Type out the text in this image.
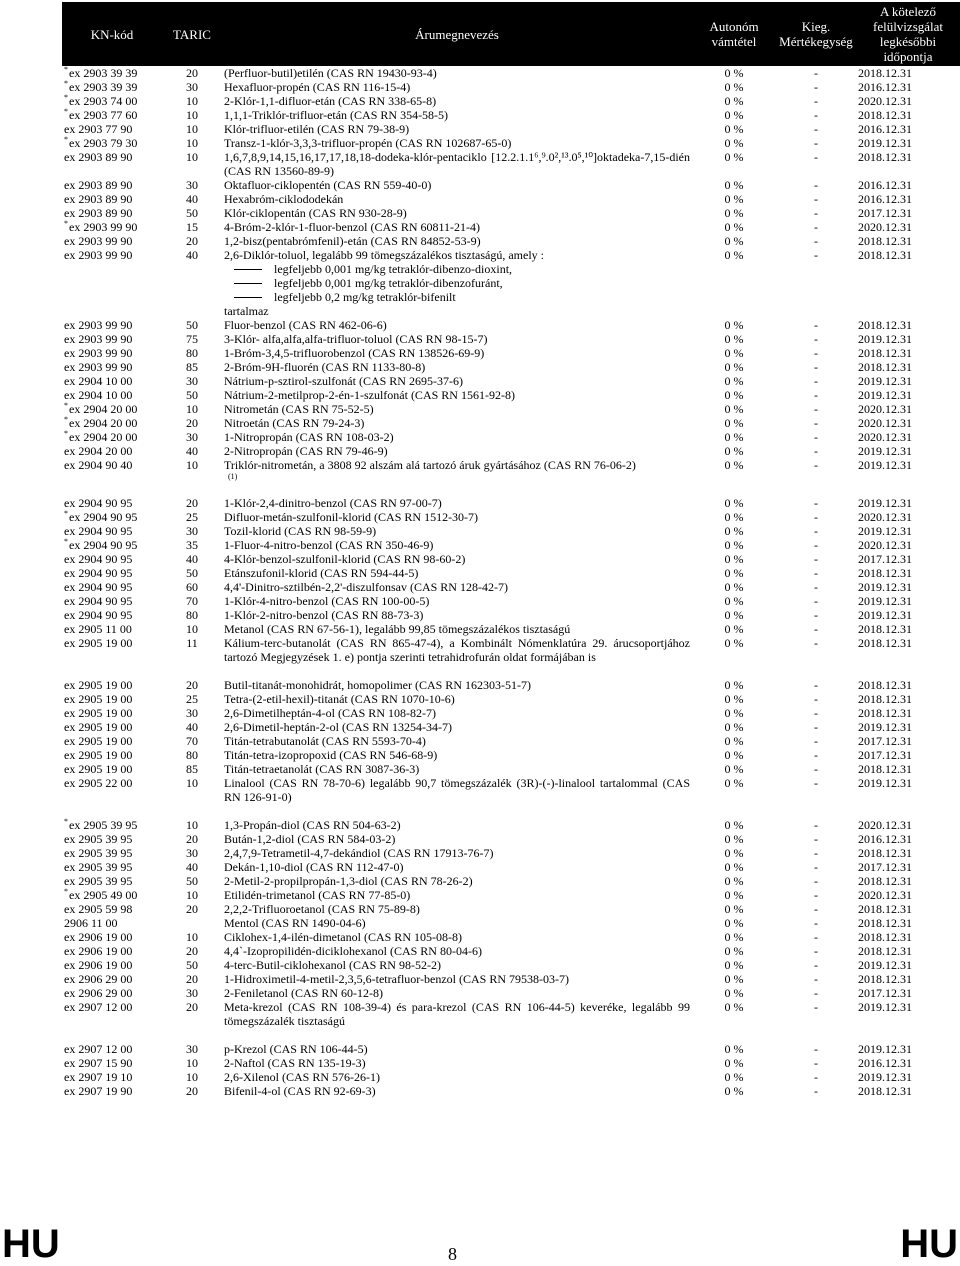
KN-kód	TARIC	Árumegnevezés	Autonóm vámtétel	Kieg. Mértékegység	A kötelező felülvizsgálat legkésőbbi időpontja
*ex 2903 39 39	20	(Perfluor-butil)etilén (CAS RN 19430-93-4)	0 %	-	2018.12.31
*ex 2903 39 39	30	Hexafluor-propén (CAS RN 116-15-4)	0 %	-	2016.12.31
*ex 2903 74 00	10	2-Klór-1,1-difluor-etán (CAS RN 338-65-8)	0 %	-	2020.12.31
*ex 2903 77 60	10	1,1,1-Triklór-trifluor-etán (CAS RN 354-58-5)	0 %	-	2018.12.31
ex 2903 77 90	10	Klór-trifluor-etilén (CAS RN 79-38-9)	0 %	-	2016.12.31
*ex 2903 79 30	10	Transz-1-klór-3,3,3-trifluor-propén (CAS RN 102687-65-0)	0 %	-	2019.12.31
ex 2903 89 90	10	1,6,7,8,9,14,15,16,17,17,18,18-dodeka-klór-pentaciklo [12.2.1.1⁶,⁹.0²,¹³.0⁵,¹⁰]oktadeka-7,15-dién (CAS RN 13560-89-9)	0 %	-	2018.12.31
ex 2903 89 90	30	Oktafluor-ciklopentén (CAS RN 559-40-0)	0 %	-	2016.12.31
ex 2903 89 90	40	Hexabróm-ciklododekán	0 %	-	2016.12.31
ex 2903 89 90	50	Klór-ciklopentán (CAS RN 930-28-9)	0 %	-	2017.12.31
*ex 2903 99 90	15	4-Bróm-2-klór-1-fluor-benzol (CAS RN 60811-21-4)	0 %	-	2020.12.31
ex 2903 99 90	20	1,2-bisz(pentabrómfenil)-etán (CAS RN 84852-53-9)	0 %	-	2018.12.31
ex 2903 99 90	40	2,6-Diklór-toluol, legalább 99 tömegszázalékos tisztaságú, amely :
legfeljebb 0,001 mg/kg tetraklór-dibenzo-dioxint,
legfeljebb 0,001 mg/kg tetraklór-dibenzofuránt,
legfeljebb 0,2 mg/kg tetraklór-bifenilt
tartalmaz	0 %	-	2018.12.31
ex 2903 99 90	50	Fluor-benzol (CAS RN 462-06-6)	0 %	-	2018.12.31
ex 2903 99 90	75	3-Klór- alfa,alfa,alfa-trifluor-toluol (CAS RN 98-15-7)	0 %	-	2019.12.31
ex 2903 99 90	80	1-Bróm-3,4,5-trifluorobenzol (CAS RN 138526-69-9)	0 %	-	2018.12.31
ex 2903 99 90	85	2-Bróm-9H-fluorén (CAS RN 1133-80-8)	0 %	-	2018.12.31
ex 2904 10 00	30	Nátrium-p-sztirol-szulfonát (CAS RN 2695-37-6)	0 %	-	2019.12.31
ex 2904 10 00	50	Nátrium-2-metilprop-2-én-1-szulfonát (CAS RN 1561-92-8)	0 %	-	2019.12.31
*ex 2904 20 00	10	Nitrometán (CAS RN 75-52-5)	0 %	-	2020.12.31
*ex 2904 20 00	20	Nitroetán (CAS RN 79-24-3)	0 %	-	2020.12.31
*ex 2904 20 00	30	1-Nitropropán (CAS RN 108-03-2)	0 %	-	2020.12.31
ex 2904 20 00	40	2-Nitropropán (CAS RN 79-46-9)	0 %	-	2019.12.31
ex 2904 90 40	10	Triklór-nitrometán, a 3808 92 alszám alá tartozó áruk gyártásához (CAS RN 76-06-2)
(1)	0 %	-	2019.12.31
ex 2904 90 95	20	1-Klór-2,4-dinitro-benzol (CAS RN 97-00-7)	0 %	-	2019.12.31
*ex 2904 90 95	25	Difluor-metán-szulfonil-klorid (CAS RN 1512-30-7)	0 %	-	2020.12.31
ex 2904 90 95	30	Tozil-klorid (CAS RN 98-59-9)	0 %	-	2019.12.31
*ex 2904 90 95	35	1-Fluor-4-nitro-benzol (CAS RN 350-46-9)	0 %	-	2020.12.31
ex 2904 90 95	40	4-Klór-benzol-szulfonil-klorid (CAS RN 98-60-2)	0 %	-	2017.12.31
ex 2904 90 95	50	Etánszufonil-klorid (CAS RN 594-44-5)	0 %	-	2018.12.31
ex 2904 90 95	60	4,4'-Dinitro-sztilbén-2,2'-diszulfonsav (CAS RN 128-42-7)	0 %	-	2019.12.31
ex 2904 90 95	70	1-Klór-4-nitro-benzol (CAS RN 100-00-5)	0 %	-	2019.12.31
ex 2904 90 95	80	1-Klór-2-nitro-benzol (CAS RN 88-73-3)	0 %	-	2019.12.31
ex 2905 11 00	10	Metanol (CAS RN 67-56-1), legalább 99,85 tömegszázalékos tisztaságú	0 %	-	2018.12.31
ex 2905 19 00	11	Kálium-terc-butanolát (CAS RN 865-47-4), a Kombinált Nómenklatúra 29. árucsoportjához tartozó Megjegyzések 1. e) pontja szerinti tetrahidrofurán oldat formájában is	0 %	-	2018.12.31
ex 2905 19 00	20	Butil-titanát-monohidrát, homopolimer (CAS RN 162303-51-7)	0 %	-	2018.12.31
ex 2905 19 00	25	Tetra-(2-etil-hexil)-titanát (CAS RN 1070-10-6)	0 %	-	2018.12.31
ex 2905 19 00	30	2,6-Dimetilheptán-4-ol (CAS RN 108-82-7)	0 %	-	2018.12.31
ex 2905 19 00	40	2,6-Dimetil-heptán-2-ol (CAS RN 13254-34-7)	0 %	-	2019.12.31
ex 2905 19 00	70	Titán-tetrabutanolát (CAS RN 5593-70-4)	0 %	-	2017.12.31
ex 2905 19 00	80	Titán-tetra-izopropoxid (CAS RN 546-68-9)	0 %	-	2017.12.31
ex 2905 19 00	85	Titán-tetraetanolát (CAS RN 3087-36-3)	0 %	-	2018.12.31
ex 2905 22 00	10	Linalool (CAS RN 78-70-6) legalább 90,7 tömegszázalék (3R)-(-)-linalool tartalommal (CAS RN 126-91-0)	0 %	-	2019.12.31
*ex 2905 39 95	10	1,3-Propán-diol (CAS RN 504-63-2)	0 %	-	2020.12.31
ex 2905 39 95	20	Bután-1,2-diol (CAS RN 584-03-2)	0 %	-	2016.12.31
ex 2905 39 95	30	2,4,7,9-Tetrametil-4,7-dekándiol (CAS RN 17913-76-7)	0 %	-	2018.12.31
ex 2905 39 95	40	Dekán-1,10-diol (CAS RN 112-47-0)	0 %	-	2017.12.31
ex 2905 39 95	50	2-Metil-2-propilpropán-1,3-diol (CAS RN 78-26-2)	0 %	-	2018.12.31
*ex 2905 49 00	10	Etilidén-trimetanol (CAS RN 77-85-0)	0 %	-	2020.12.31
ex 2905 59 98	20	2,2,2-Trifluoroetanol (CAS RN 75-89-8)	0 %	-	2018.12.31
2906 11 00		Mentol (CAS RN 1490-04-6)	0 %	-	2018.12.31
ex 2906 19 00	10	Ciklohex-1,4-ilén-dimetanol (CAS RN 105-08-8)	0 %	-	2018.12.31
ex 2906 19 00	20	4,4`-Izopropilidén-diciklohexanol (CAS RN 80-04-6)	0 %	-	2018.12.31
ex 2906 19 00	50	4-terc-Butil-ciklohexanol (CAS RN 98-52-2)	0 %	-	2019.12.31
ex 2906 29 00	20	1-Hidroximetil-4-metil-2,3,5,6-tetrafluor-benzol (CAS RN 79538-03-7)	0 %	-	2018.12.31
ex 2906 29 00	30	2-Feniletanol (CAS RN 60-12-8)	0 %	-	2017.12.31
ex 2907 12 00	20	Meta-krezol (CAS RN 108-39-4) és para-krezol (CAS RN 106-44-5) keveréke, legalább 99 tömegszázalék tisztaságú	0 %	-	2019.12.31
ex 2907 12 00	30	p-Krezol (CAS RN 106-44-5)	0 %	-	2019.12.31
ex 2907 15 90	10	2-Naftol (CAS RN 135-19-3)	0 %	-	2016.12.31
ex 2907 19 10	10	2,6-Xilenol (CAS RN 576-26-1)	0 %	-	2019.12.31
ex 2907 19 90	20	Bifenil-4-ol (CAS RN 92-69-3)	0 %	-	2018.12.31
HU	8	HU
